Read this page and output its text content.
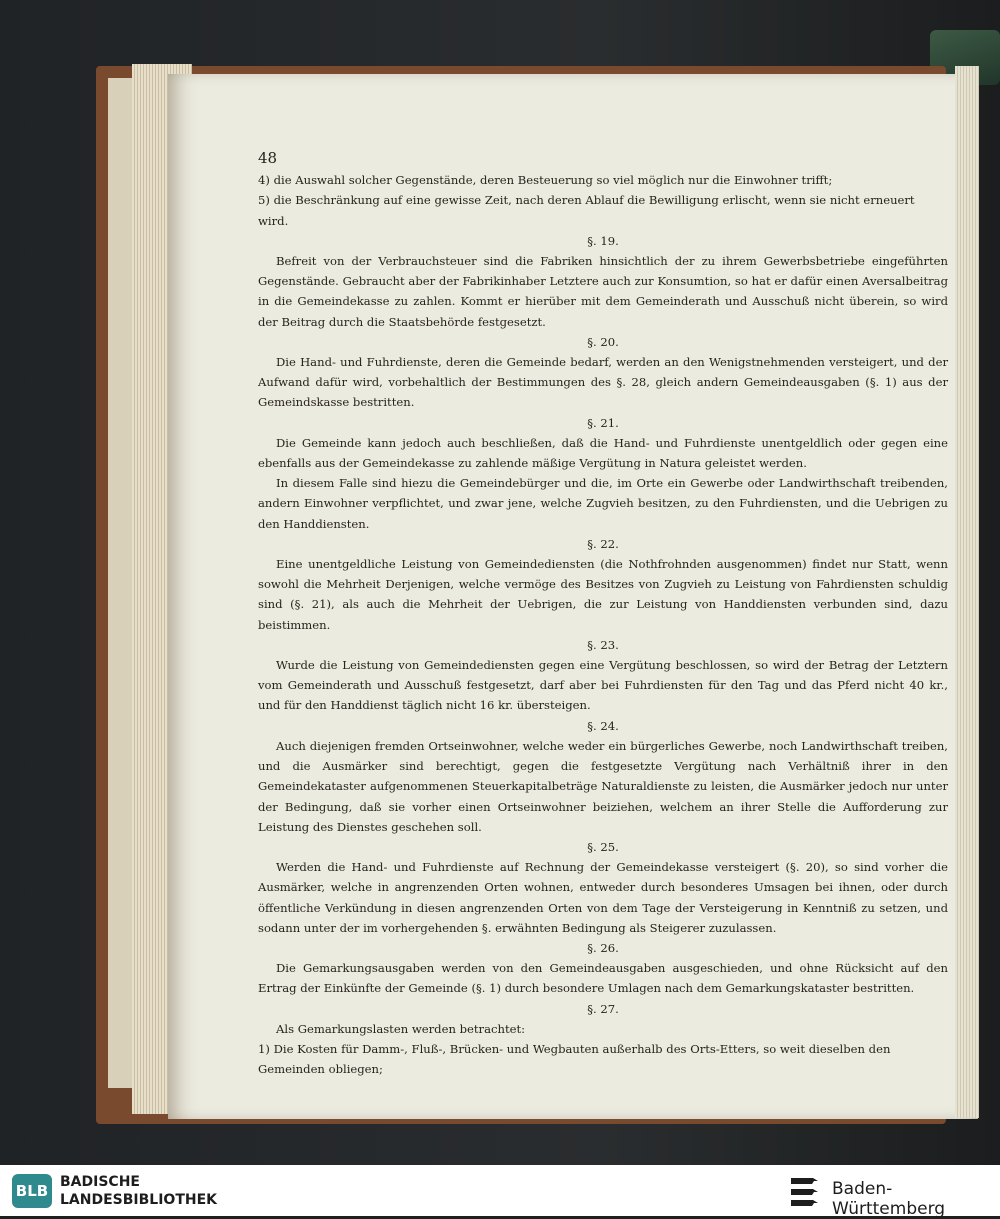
48

4) die Auswahl solcher Gegenstände, deren Besteuerung so viel möglich nur die Einwohner trifft;

5) die Beschränkung auf eine gewisse Zeit, nach deren Ablauf die Bewilligung erlischt, wenn sie nicht erneuert wird.

§. 19.

Befreit von der Verbrauchsteuer sind die Fabriken hinsichtlich der zu ihrem Gewerbsbetriebe eingeführten Gegenstände. Gebraucht aber der Fabrikinhaber Letztere auch zur Konsumtion, so hat er dafür einen Aversalbeitrag in die Gemeindekasse zu zahlen. Kommt er hierüber mit dem Gemeinderath und Ausschuß nicht überein, so wird der Beitrag durch die Staatsbehörde festgesetzt.

§. 20.

Die Hand- und Fuhrdienste, deren die Gemeinde bedarf, werden an den Wenigstnehmenden versteigert, und der Aufwand dafür wird, vorbehaltlich der Bestimmungen des §. 28, gleich andern Gemeindeausgaben (§. 1) aus der Gemeindskasse bestritten.

§. 21.

Die Gemeinde kann jedoch auch beschließen, daß die Hand- und Fuhrdienste unentgeldlich oder gegen eine ebenfalls aus der Gemeindekasse zu zahlende mäßige Vergütung in Natura geleistet werden.

In diesem Falle sind hiezu die Gemeindebürger und die, im Orte ein Gewerbe oder Landwirthschaft treibenden, andern Einwohner verpflichtet, und zwar jene, welche Zugvieh besitzen, zu den Fuhrdiensten, und die Uebrigen zu den Handdiensten.

§. 22.

Eine unentgeldliche Leistung von Gemeindediensten (die Nothfrohnden ausgenommen) findet nur Statt, wenn sowohl die Mehrheit Derjenigen, welche vermöge des Besitzes von Zugvieh zu Leistung von Fahrdiensten schuldig sind (§. 21), als auch die Mehrheit der Uebrigen, die zur Leistung von Handdiensten verbunden sind, dazu beistimmen.

§. 23.

Wurde die Leistung von Gemeindediensten gegen eine Vergütung beschlossen, so wird der Betrag der Letztern vom Gemeinderath und Ausschuß festgesetzt, darf aber bei Fuhrdiensten für den Tag und das Pferd nicht 40 kr., und für den Handdienst täglich nicht 16 kr. übersteigen.

§. 24.

Auch diejenigen fremden Ortseinwohner, welche weder ein bürgerliches Gewerbe, noch Landwirthschaft treiben, und die Ausmärker sind berechtigt, gegen die festgesetzte Vergütung nach Verhältniß ihrer in den Gemeindekataster aufgenommenen Steuerkapitalbeträge Naturaldienste zu leisten, die Ausmärker jedoch nur unter der Bedingung, daß sie vorher einen Ortseinwohner beiziehen, welchem an ihrer Stelle die Aufforderung zur Leistung des Dienstes geschehen soll.

§. 25.

Werden die Hand- und Fuhrdienste auf Rechnung der Gemeindekasse versteigert (§. 20), so sind vorher die Ausmärker, welche in angrenzenden Orten wohnen, entweder durch besonderes Umsagen bei ihnen, oder durch öffentliche Verkündung in diesen angrenzenden Orten von dem Tage der Versteigerung in Kenntniß zu setzen, und sodann unter der im vorhergehenden §. erwähnten Bedingung als Steigerer zuzulassen.

§. 26.

Die Gemarkungsausgaben werden von den Gemeindeausgaben ausgeschieden, und ohne Rücksicht auf den Ertrag der Einkünfte der Gemeinde (§. 1) durch besondere Umlagen nach dem Gemarkungskataster bestritten.

§. 27.

Als Gemarkungslasten werden betrachtet:

1) Die Kosten für Damm-, Fluß-, Brücken- und Wegbauten außerhalb des Orts-Etters, so weit dieselben den Gemeinden obliegen;

BLB BADISCHE
LANDESBIBLIOTHEK
Baden-Württemberg
